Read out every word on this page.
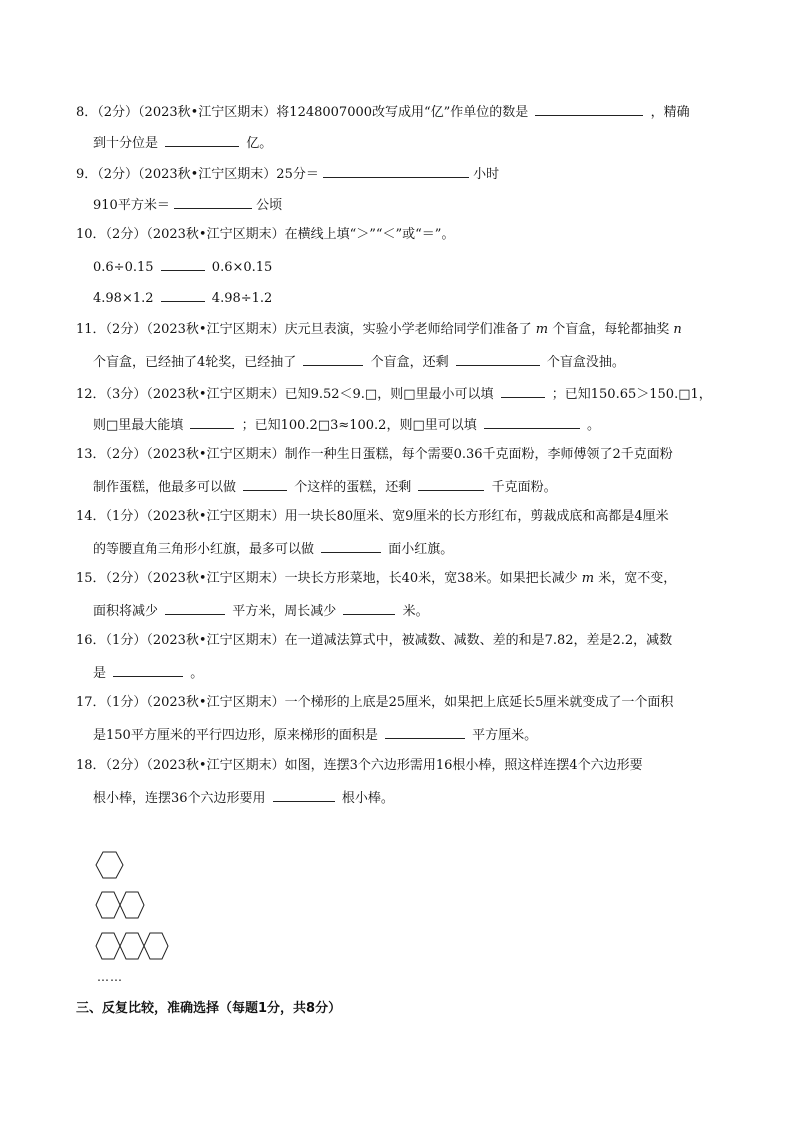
8．（2分）（2023秋•江宁区期末）将1248007000改写成用“亿”作单位的数是	，精确
到十分位是	亿。
9．（2分）（2023秋•江宁区期末）25分＝	小时
910平方米＝	公顷
10．（2分）（2023秋•江宁区期末）在横线上填“＞”“＜”或“＝”。
0.6÷0.15	0.6×0.15
4.98×1.2	4.98÷1.2
11．（2分）（2023秋•江宁区期末）庆元旦表演，实验小学老师给同学们准备了 m 个盲盒，每轮都抽奖 n
个盲盒，已经抽了4轮奖，已经抽了	个盲盒，还剩	个盲盒没抽。
12．（3分）（2023秋•江宁区期末）已知9.52＜9.□，则□里最小可以填	；已知150.65＞150.□1，
则□里最大能填	；已知100.2□3≈100.2，则□里可以填	。
13．（2分）（2023秋•江宁区期末）制作一种生日蛋糕，每个需要0.36千克面粉，李师傅领了2千克面粉
制作蛋糕，他最多可以做	个这样的蛋糕，还剩	千克面粉。
14．（1分）（2023秋•江宁区期末）用一块长80厘米、宽9厘米的长方形红布，剪裁成底和高都是4厘米
的等腰直角三角形小红旗，最多可以做	面小红旗。
15．（2分）（2023秋•江宁区期末）一块长方形菜地，长40米，宽38米。如果把长减少 m 米，宽不变，
面积将减少	平方米，周长减少	米。
16．（1分）（2023秋•江宁区期末）在一道减法算式中，被减数、减数、差的和是7.82，差是2.2，减数
是	。
17．（1分）（2023秋•江宁区期末）一个梯形的上底是25厘米，如果把上底延长5厘米就变成了一个面积
是150平方厘米的平行四边形，原来梯形的面积是	平方厘米。
18．（2分）（2023秋•江宁区期末）如图，连摆3个六边形需用16根小棒，照这样连摆4个六边形要
根小棒，连摆36个六边形要用	根小棒。
……
三、反复比较，准确选择（每题1分，共8分）
